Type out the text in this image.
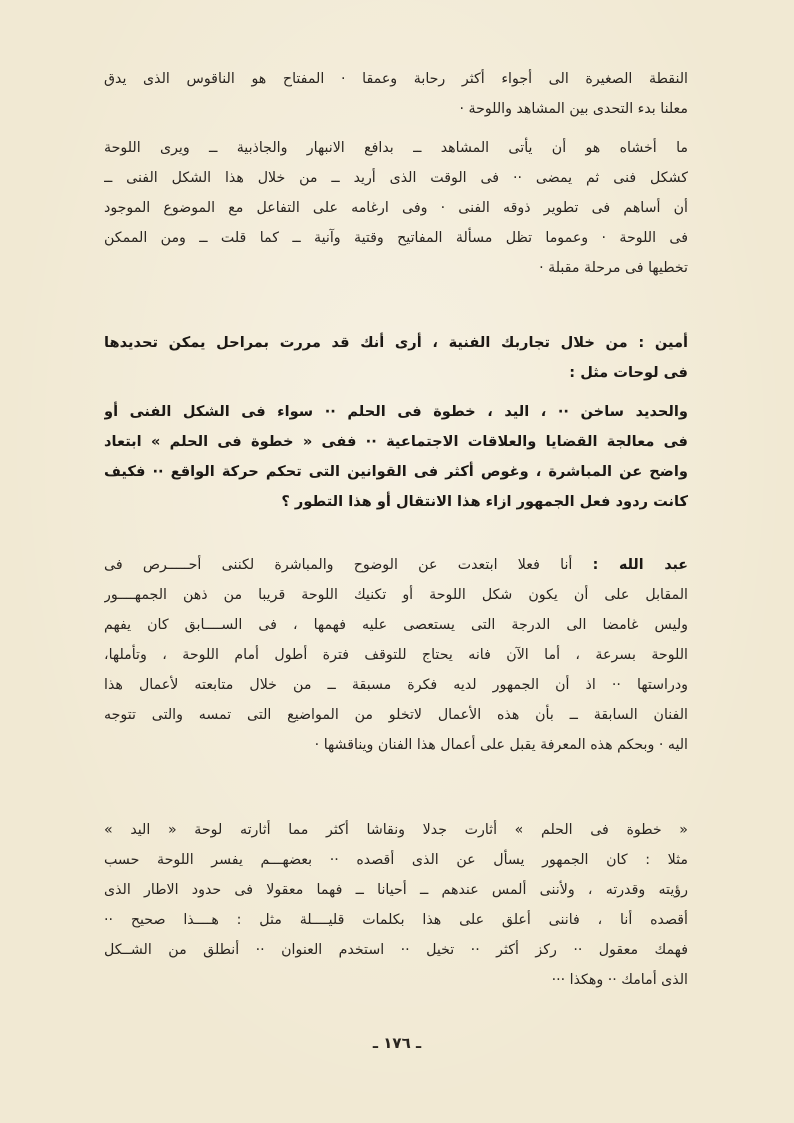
النقطة الصغيرة الى أجواء أكثر رحابة وعمقا · المفتاح هو الناقوس الذى يدق
معلنا بدء التحدى بين المشاهد واللوحة ·
ما أخشاه هو أن يأتى المشاهد ــ بدافع الانبهار والجاذبية ــ ويرى اللوحة
كشكل فنى ثم يمضى ·· فى الوقت الذى أريد ــ من خلال هذا الشكل الفنى ــ
أن أساهم فى تطوير ذوقه الفنى · وفى ارغامه على التفاعل مع الموضوع الموجود
فى اللوحة · وعموما تظل مسألة المفاتيح وقتية وآنية ــ كما قلت ــ ومن الممكن
تخطيها فى مرحلة مقبلة ·
أمين : من خلال تجاربك الفنية ، أرى أنك قد مررت بمراحل يمكن تحديدها
فى لوحات مثل :
والحديد ساخن ·· ، اليد ، خطوة فى الحلم ·· سواء فى الشكل الفنى أو
فى معالجة القضايا والعلاقات الاجتماعية ·· ففى « خطوة فى الحلم » ابتعاد
واضح عن المباشرة ، وغوص أكثر فى القوانين التى تحكم حركة الواقع ·· فكيف
كانت ردود فعل الجمهور ازاء هذا الانتقال أو هذا التطور ؟
عبد الله : أنا فعلا ابتعدت عن الوضوح والمباشرة لكننى أحـــــرص فى
المقابل على أن يكون شكل اللوحة أو تكنيك اللوحة قريبا من ذهن الجمهــــور
وليس غامضا الى الدرجة التى يستعصى عليه فهمها ، فى الســــابق كان يفهم
اللوحة بسرعة ، أما الآن فانه يحتاج للتوقف فترة أطول أمام اللوحة ، وتأملها،
ودراستها ·· اذ أن الجمهور لديه فكرة مسبقة ــ من خلال متابعته لأعمال هذا
الفنان السابقة ــ بأن هذه الأعمال لاتخلو من المواضيع التى تمسه والتى تتوجه
اليه · وبحكم هذه المعرفة يقبل على أعمال هذا الفنان ويناقشها ·
« خطوة فى الحلم » أثارت جدلا ونقاشا أكثر مما أثارته لوحة « اليد »
مثلا : كان الجمهور يسأل عن الذى أقصده ·· بعضهـــم يفسر اللوحة حسب
رؤيته وقدرته ، ولأننى ألمس عندهم ــ أحيانا ــ فهما معقولا فى حدود الاطار الذى
أقصده أنا ، فاننى أعلق على هذا بكلمات قليــــلة مثل : هــــذا صحيح ··
فهمك معقول ·· ركز أكثر ·· تخيل ·· استخدم العنوان ·· أنطلق من الشــكل
الذى أمامك ·· وهكذا ···
ـ ١٧٦ ـ
